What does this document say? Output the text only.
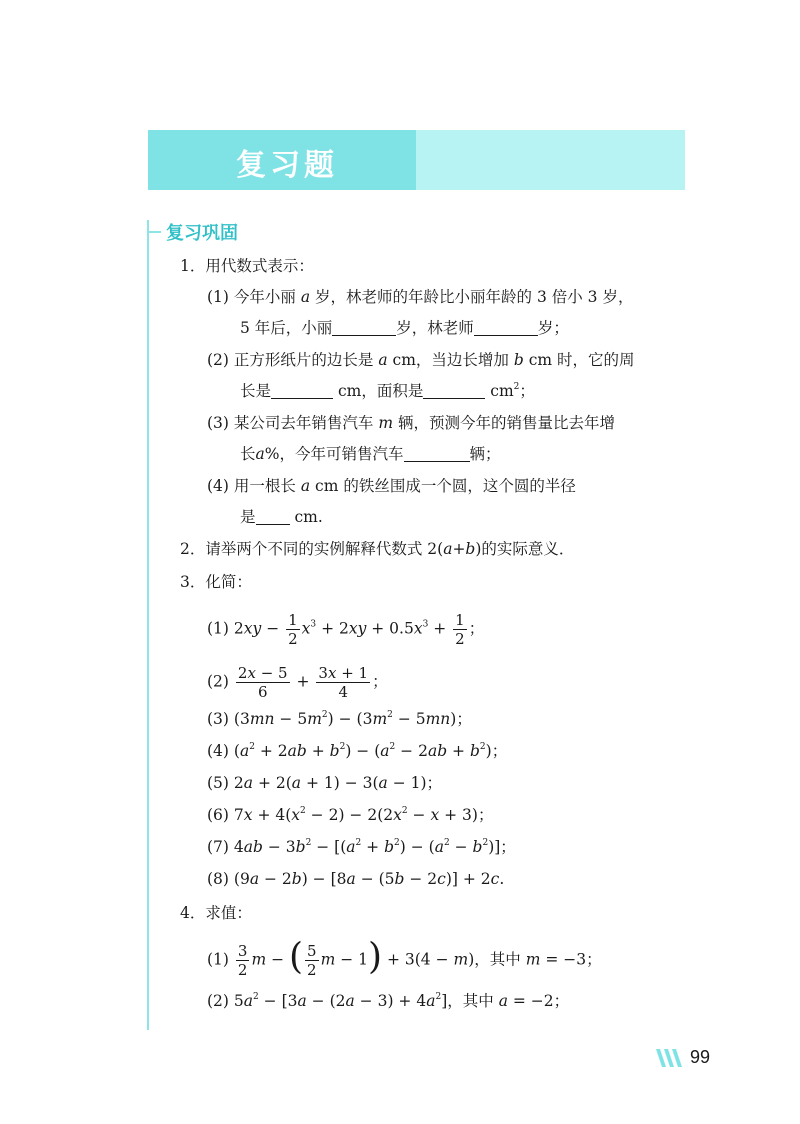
复习题
复习巩固
1．用代数式表示：
(1) 今年小丽 a 岁，林老师的年龄比小丽年龄的 3 倍小 3 岁，
5 年后，小丽	岁，林老师	岁；
(2) 正方形纸片的边长是 a cm，当边长增加 b cm 时，它的周
长是	cm，面积是	$cm^2$；
(3) 某公司去年销售汽车 m 辆，预测今年的销售量比去年增
长a%，今年可销售汽车	辆；
(4) 用一根长 a cm 的铁丝围成一个圆，这个圆的半径
是	cm.
2．请举两个不同的实例解释代数式 2(a+b)的实际意义．
3．化简：
(1) $2xy - \frac{1}{2} x^3 + 2xy + 0.5x^3 + \frac{1}{2}$ ；
$(2) \frac{2x - 5}{6} + \frac{3x + 1}{4}$ ；
(3) $(3mn - 5m^2) - (3m^2 - 5mn)$；
(4) $(a^2 + 2ab + b^2) - (a^2 - 2ab + b^2)$；
(5) 2a + 2(a + 1) − 3(a − 1)；
(6) $7x + 4(x^2 - 2) - 2(2x^2 - x + 3)$；
(7) $4ab - 3b^2 - [(a^2 + b^2) - (a^2 - b^2)]$；
(8) (9a − 2b) − [8a − (5b − 2c)] + 2c.
4．求值：
$(1) \frac{3}{2}$ m − ( $\frac{5}{2}$ m − 1) + 3(4 − m)，其中 m = −3；
(2) $5a^2 - [3a - (2a - 3) + 4a^2]$，其中 a = −2；
99
